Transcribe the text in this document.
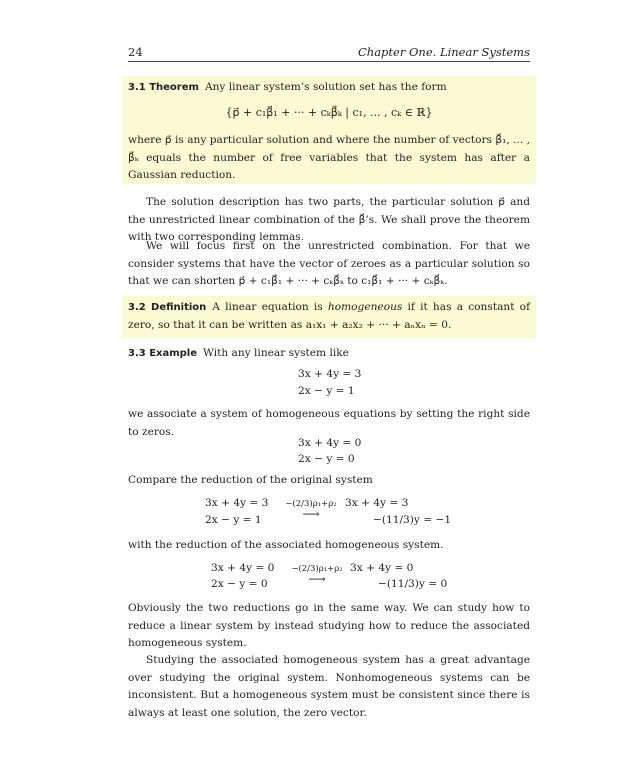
24	Chapter One. Linear Systems

3.1 Theorem Any linear system’s solution set has the form

{p⃗ + c₁β⃗₁ + ··· + cₖβ⃗ₖ | c₁, ... , cₖ ∈ ℝ}

where p⃗ is any particular solution and where the number of vectors β⃗₁, ... , β⃗ₖ equals the number of free variables that the system has after a Gaussian reduction.

The solution description has two parts, the particular solution p⃗ and the unrestricted linear combination of the β⃗’s. We shall prove the theorem with two corresponding lemmas.

We will focus first on the unrestricted combination. For that we consider systems that have the vector of zeroes as a particular solution so that we can shorten p⃗ + c₁β⃗₁ + ··· + cₖβ⃗ₖ to c₁β⃗₁ + ··· + cₖβ⃗ₖ.

3.2 Definition A linear equation is homogeneous if it has a constant of zero, so that it can be written as a₁x₁ + a₂x₂ + ··· + aₙxₙ = 0.

3.3 Example With any linear system like

3x + 4y = 3
2x − y = 1

we associate a system of homogeneous equations by setting the right side to zeros.

3x + 4y = 0
2x − y = 0

Compare the reduction of the original system

3x + 4y = 3
2x − y = 1
−(2/3)ρ₁+ρ₂
⟶
3x + 4y = 3
−(11/3)y = −1

with the reduction of the associated homogeneous system.

3x + 4y = 0
2x − y = 0
−(2/3)ρ₁+ρ₂
⟶
3x + 4y = 0
−(11/3)y = 0

Obviously the two reductions go in the same way. We can study how to reduce a linear system by instead studying how to reduce the associated homogeneous system.

Studying the associated homogeneous system has a great advantage over studying the original system. Nonhomogeneous systems can be inconsistent. But a homogeneous system must be consistent since there is always at least one solution, the zero vector.
